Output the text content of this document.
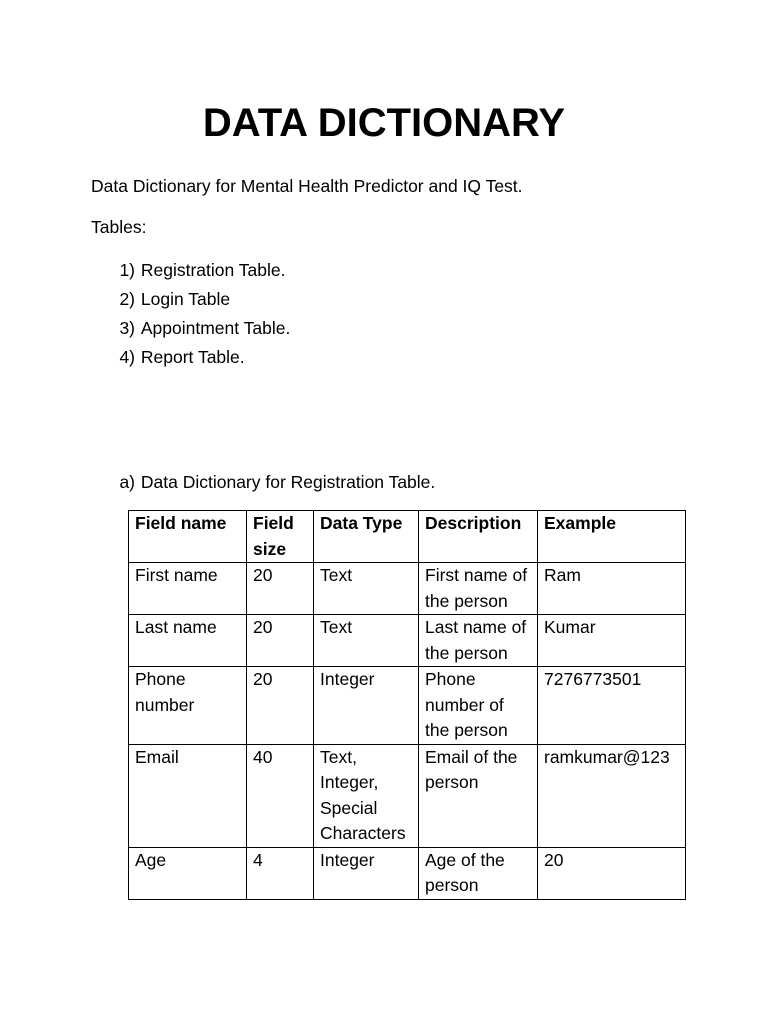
DATA DICTIONARY
Data Dictionary for Mental Health Predictor and IQ Test.
Tables:
1) Registration Table.
2) Login Table
3) Appointment Table.
4) Report Table.
a) Data Dictionary for Registration Table.
Field name	Field size	Data Type	Description	Example
First name	20	Text	First name of the person	Ram
Last name	20	Text	Last name of the person	Kumar
Phone number	20	Integer	Phone number of the person	7276773501
Email	40	Text, Integer, Special Characters	Email of the person	ramkumar@123
Age	4	Integer	Age of the person	20
